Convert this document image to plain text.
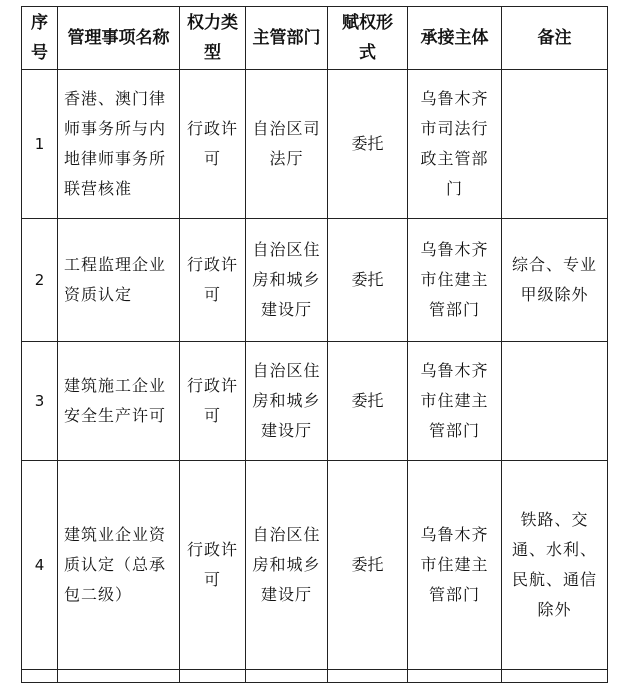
序号	管理事项名称	权力类型	主管部门	赋权形式	承接主体	备注
1	香港、澳门律师事务所与内地律师事务所联营核准	行政许可	自治区司法厅	委托	乌鲁木齐市司法行政主管部门	
2	工程监理企业资质认定	行政许可	自治区住房和城乡建设厅	委托	乌鲁木齐市住建主管部门	综合、专业甲级除外
3	建筑施工企业安全生产许可	行政许可	自治区住房和城乡建设厅	委托	乌鲁木齐市住建主管部门	
4	建筑业企业资质认定（总承包二级）	行政许可	自治区住房和城乡建设厅	委托	乌鲁木齐市住建主管部门	铁路、交通、水利、民航、通信除外
